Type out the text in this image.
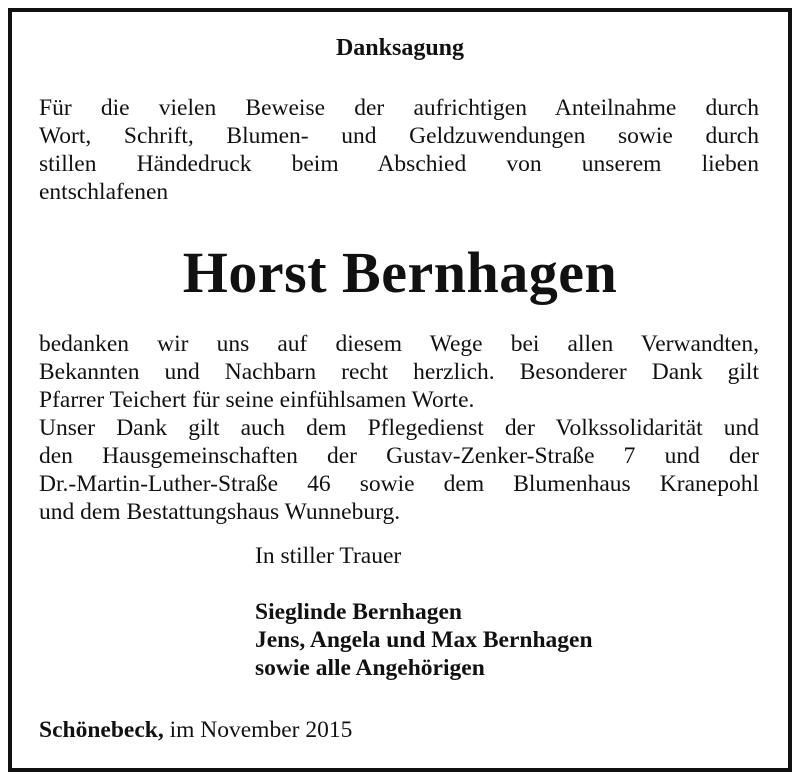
Danksagung
Für die vielen Beweise der aufrichtigen Anteilnahme durch
Wort, Schrift, Blumen- und Geldzuwendungen sowie durch
stillen Händedruck beim Abschied von unserem lieben
entschlafenen
Horst Bernhagen
bedanken wir uns auf diesem Wege bei allen Verwandten,
Bekannten und Nachbarn recht herzlich. Besonderer Dank gilt
Pfarrer Teichert für seine einfühlsamen Worte.
Unser Dank gilt auch dem Pflegedienst der Volkssolidarität und
den Hausgemeinschaften der Gustav-Zenker-Straße 7 und der
Dr.-Martin-Luther-Straße 46 sowie dem Blumenhaus Kranepohl
und dem Bestattungshaus Wunneburg.
In stiller Trauer
Sieglinde Bernhagen
Jens, Angela und Max Bernhagen
sowie alle Angehörigen
Schönebeck, im November 2015
